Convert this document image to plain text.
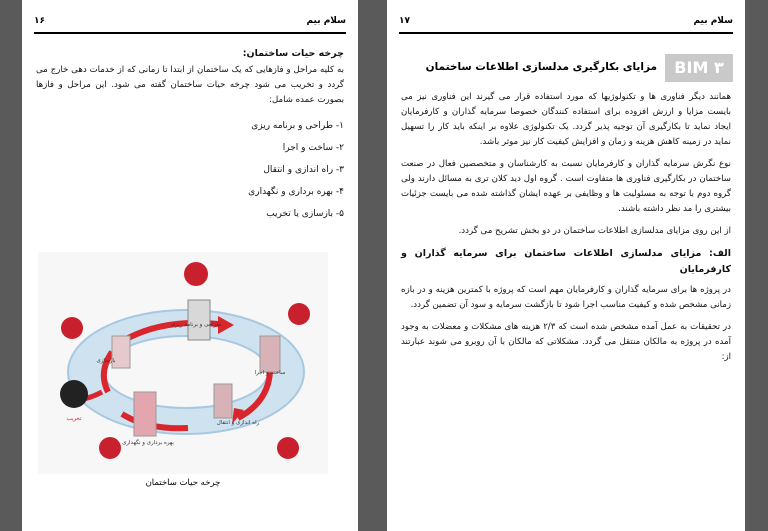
سلام بیم
۱۶
چرخه حیات ساختمان:

به کلیه مراحل و فازهایی که یک ساختمان از ابتدا تا زمانی که از خدمات دهی خارج می گردد و تخریب می شود چرخه حیات ساختمان گفته می شود. این مراحل و فازها بصورت عمده شامل:

۱- طراحی و برنامه ریزی
۲- ساخت و اجرا
۳- راه اندازی و انتقال
۴- بهره برداری و نگهداری
۵- بازسازی یا تخریب
طراحی و برنامه ریزی
ساخت و اجرا
راه اندازی و انتقال
بهره برداری و نگهداری
بازسازی
تخریب
چرخه حیات ساختمان
سلام بیم
۱۷
BIM ۳
مزایای بکارگیری مدلسازی اطلاعات ساختمان

همانند دیگر فناوری ها و تکنولوژیها که مورد استفاده قرار می گیرند این فناوری نیز می بایست مزایا و ارزش افزوده برای استفاده کنندگان خصوصا سرمایه گذاران و کارفرمایان ایجاد نماید تا بکارگیری آن توجیه پذیر گردد. یک تکنولوژی علاوه بر اینکه باید کار را تسهیل نماید در زمینه کاهش هزینه و زمان و افزایش کیفیت کار نیز موثر باشد.

نوع نگرش سرمایه گذاران و کارفرمایان نسبت به کارشناسان و متخصصین فعال در صنعت ساختمان در بکارگیری فناوری ها متفاوت است . گروه اول دید کلان تری به مسائل دارند ولی گروه دوم با توجه به مسئولیت ها و وظایفی بر عهده ایشان گذاشته شده می بایست جزئیات بیشتری را مد نظر داشته باشند.

از این روی مزایای مدلسازی اطلاعات ساختمان در دو بخش تشریح می گردد.

الف: مزایای مدلسازی اطلاعات ساختمان برای سرمایه گذاران و کارفرمایان

در پروژه ها برای سرمایه گذاران و کارفرمایان مهم است که پروژه با کمترین هزینه و در بازه زمانی مشخص شده و کیفیت مناسب اجرا شود تا بازگشت سرمایه و سود آن تضمین گردد.

در تحقیقات به عمل آمده مشخص شده است که ۲/۳ هزینه های مشکلات و معضلات به وجود آمده در پروژه به مالکان منتقل می گردد. مشکلاتی که مالکان با آن روبرو می شوند عبارتند از:
